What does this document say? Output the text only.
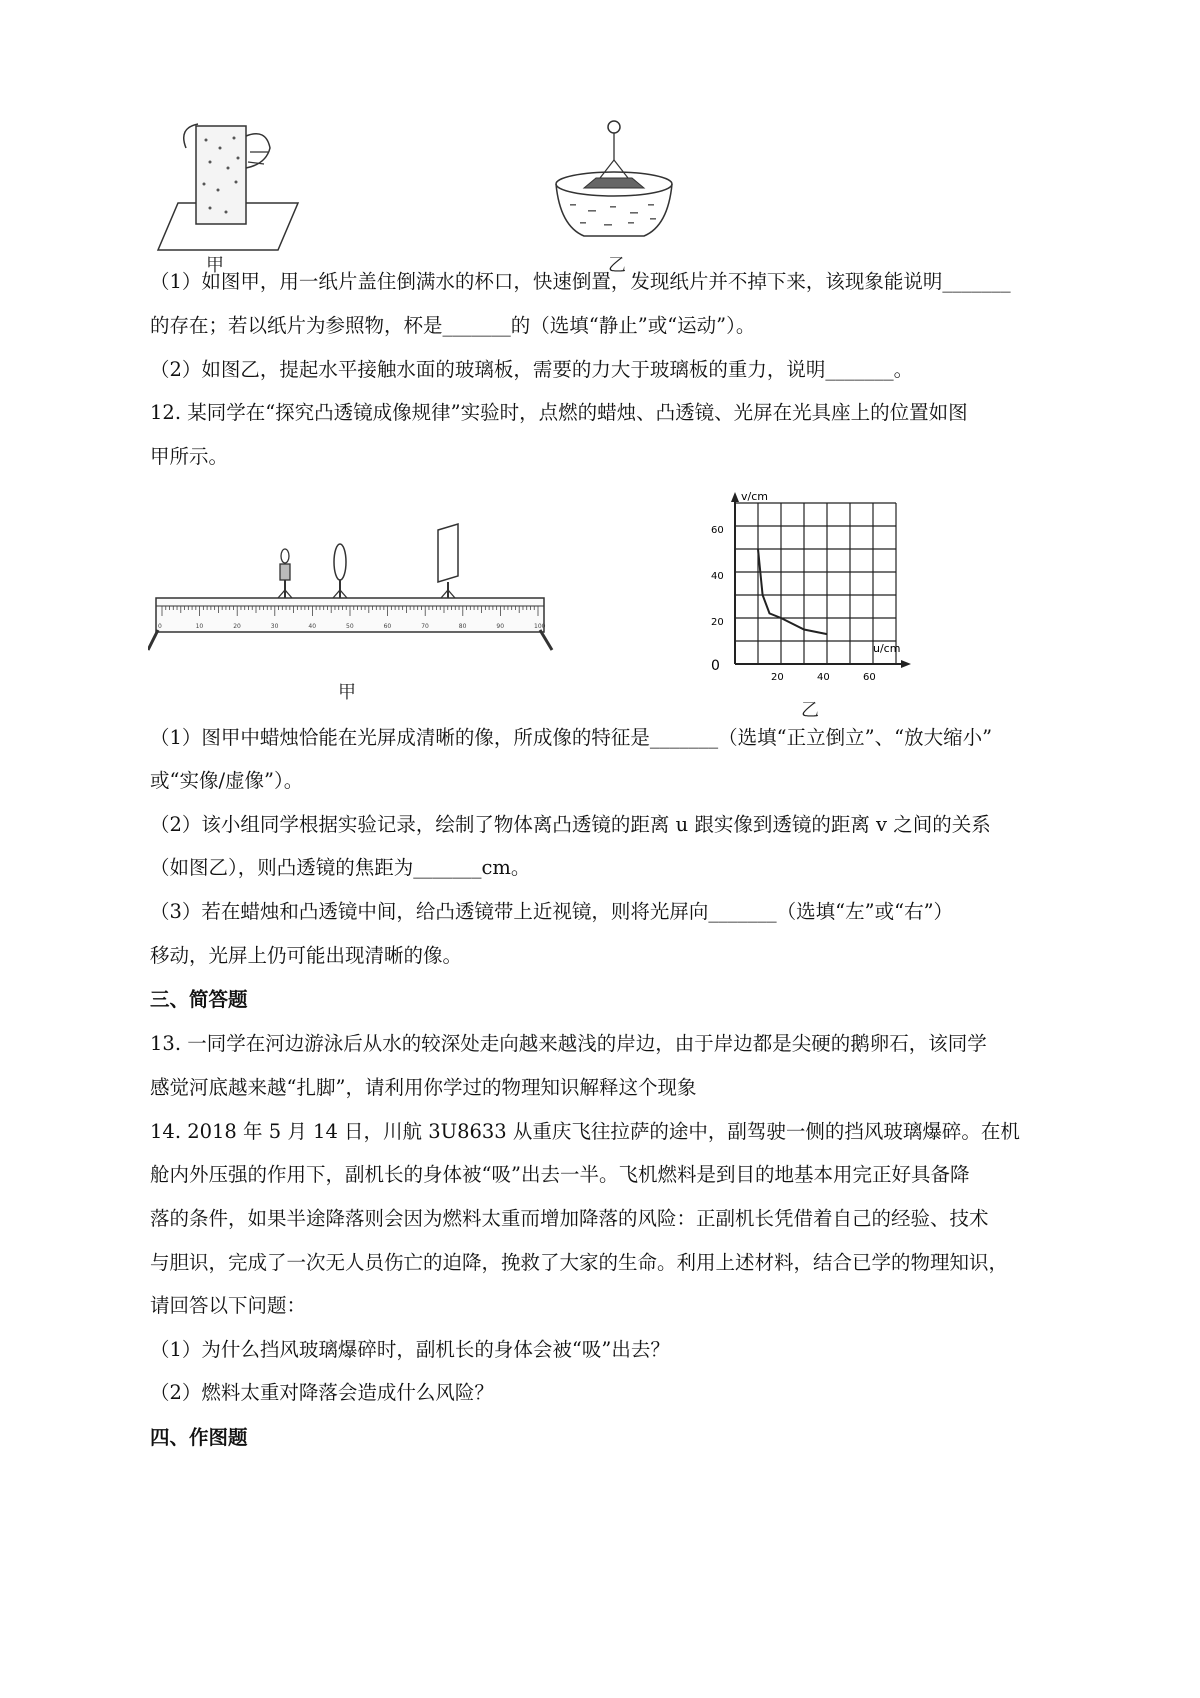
甲	乙
（1）如图甲，用一纸片盖住倒满水的杯口，快速倒置，发现纸片并不掉下来，该现象能说明_______
的存在；若以纸片为参照物，杯是_______的（选填“静止”或“运动”）。
（2）如图乙，提起水平接触水面的玻璃板，需要的力大于玻璃板的重力，说明_______。
12. 某同学在“探究凸透镜成像规律”实验时，点燃的蜡烛、凸透镜、光屏在光具座上的位置如图
甲所示。
0	10	20	30	40	50	60	70	80	90	100
甲
v/cm
u/cm
0
20
40
60
20	40	60
乙
（1）图甲中蜡烛恰能在光屏成清晰的像，所成像的特征是_______（选填“正立倒立”、“放大缩小”
或“实像/虚像”）。
（2）该小组同学根据实验记录，绘制了物体离凸透镜的距离 u 跟实像到透镜的距离 v 之间的关系
（如图乙），则凸透镜的焦距为_______cm。
（3）若在蜡烛和凸透镜中间，给凸透镜带上近视镜，则将光屏向_______（选填“左”或“右”）
移动，光屏上仍可能出现清晰的像。
三、简答题
13. 一同学在河边游泳后从水的较深处走向越来越浅的岸边，由于岸边都是尖硬的鹅卵石，该同学
感觉河底越来越“扎脚”，请利用你学过的物理知识解释这个现象
14. 2018 年 5 月 14 日，川航 3U8633 从重庆飞往拉萨的途中，副驾驶一侧的挡风玻璃爆碎。在机
舱内外压强的作用下，副机长的身体被“吸”出去一半。飞机燃料是到目的地基本用完正好具备降
落的条件，如果半途降落则会因为燃料太重而增加降落的风险：正副机长凭借着自己的经验、技术
与胆识，完成了一次无人员伤亡的迫降，挽救了大家的生命。利用上述材料，结合已学的物理知识，
请回答以下问题：
（1）为什么挡风玻璃爆碎时，副机长的身体会被“吸”出去？
（2）燃料太重对降落会造成什么风险？
四、作图题
